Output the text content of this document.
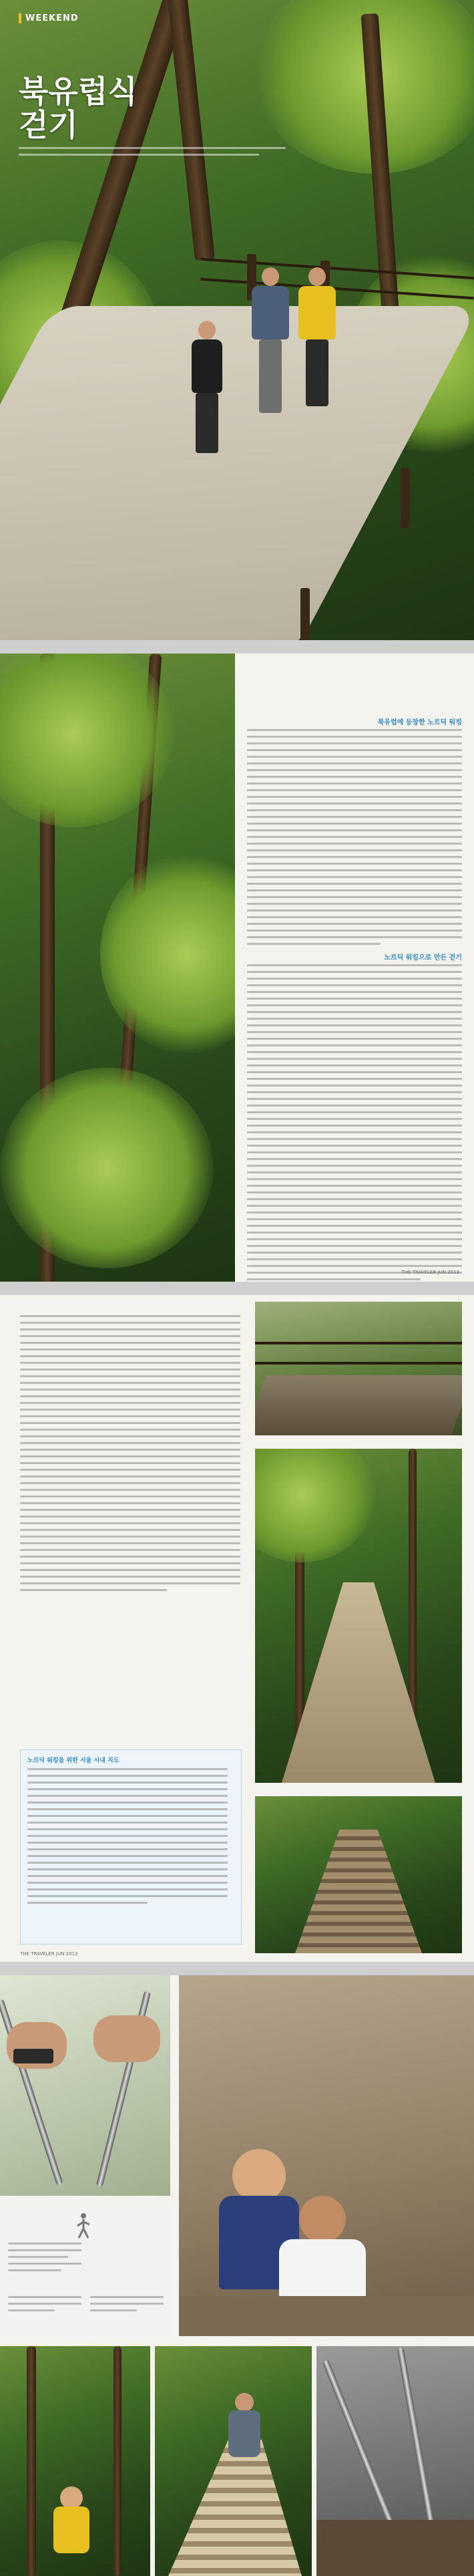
WEEKEND
북유럽식
걷기
북유럽에 등장한 노르딕 워킹
노르딕 워킹으로 만든 걷기
THE TRAVELER JUN 2013
노르딕 워킹을 위한 서울 시내 지도
THE TRAVELER JUN 2013
